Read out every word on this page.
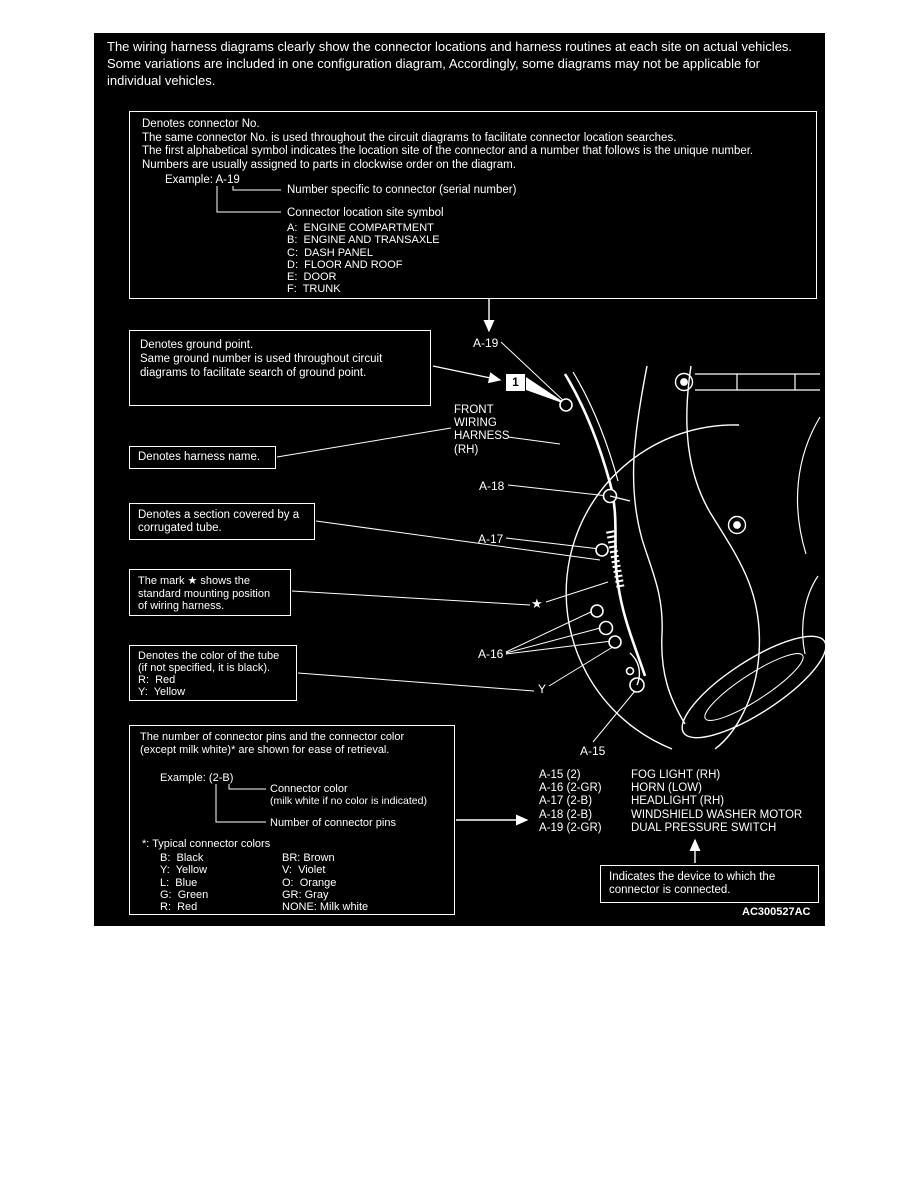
The wiring harness diagrams clearly show the connector locations and harness routines at each site on actual vehicles. Some variations are included in one configuration diagram, Accordingly, some diagrams may not be applicable for individual vehicles.
Denotes connector No.
The same connector No. is used throughout the circuit diagrams to facilitate connector location searches.
The first alphabetical symbol indicates the location site of the connector and a number that follows is the unique number.
Numbers are usually assigned to parts in clockwise order on the diagram.
Example: A-19
Number specific to connector (serial number)
Connector location site symbol
A:  ENGINE COMPARTMENT
B:  ENGINE AND TRANSAXLE
C:  DASH PANEL
D:  FLOOR AND ROOF
E:  DOOR
F:  TRUNK
Denotes ground point.
Same ground number is used throughout circuit
diagrams to facilitate search of ground point.
Denotes harness name.
Denotes a section covered by a
corrugated tube.
The mark ★ shows the
standard mounting position
of wiring harness.
Denotes the color of the tube
(if not specified, it is black).
R:  Red
Y:  Yellow
The number of connector pins and the connector color
(except milk white)* are shown for ease of retrieval.
Example: (2-B)
Connector color
(milk white if no color is indicated)
Number of connector pins
*: Typical connector colors
B:  Black
Y:  Yellow
L:  Blue
G:  Green
R:  Red
BR: Brown
V:  Violet
O:  Orange
GR: Gray
NONE: Milk white
Indicates the device to which the
connector is connected.
A-19
1
FRONT
WIRING
HARNESS
(RH)
A-18
A-17
★
A-16
Y
A-15
A-15 (2)	FOG LIGHT (RH)
A-16 (2-GR)	HORN (LOW)
A-17 (2-B)	HEADLIGHT (RH)
A-18 (2-B)	WINDSHIELD WASHER MOTOR
A-19 (2-GR)	DUAL PRESSURE SWITCH
AC300527AC
